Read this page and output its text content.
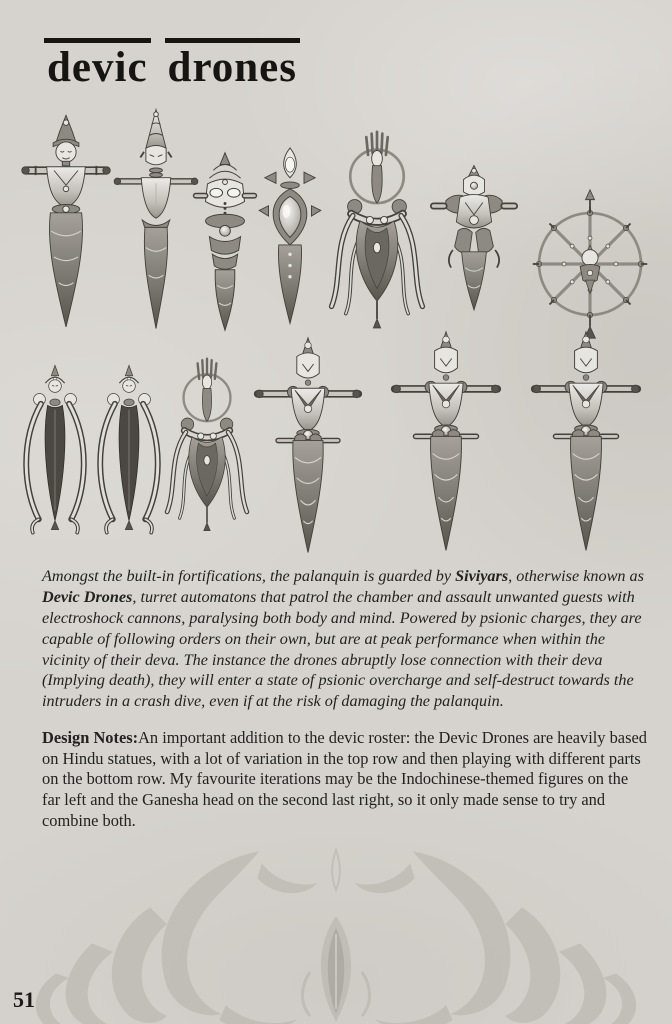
devic drones

Amongst the built-in fortifications, the palanquin is guarded by Siviyars, otherwise known as Devic Drones, turret automatons that patrol the chamber and assault unwanted guests with electroshock cannons, paralysing both body and mind. Powered by psionic charges, they are capable of following orders on their own, but are at peak performance when within the vicinity of their deva. The instance the drones abruptly lose connection with their deva (Implying death), they will enter a state of psionic overcharge and self-destruct towards the intruders in a crash dive, even if at the risk of damaging the palanquin.

Design Notes:An important addition to the devic roster: the Devic Drones are heavily based on Hindu statues, with a lot of variation in the top row and then playing with different parts on the bottom row. My favourite iterations may be the Indochinese-themed figures on the far left and the Ganesha head on the second last right, so it only made sense to try and combine both.

51
